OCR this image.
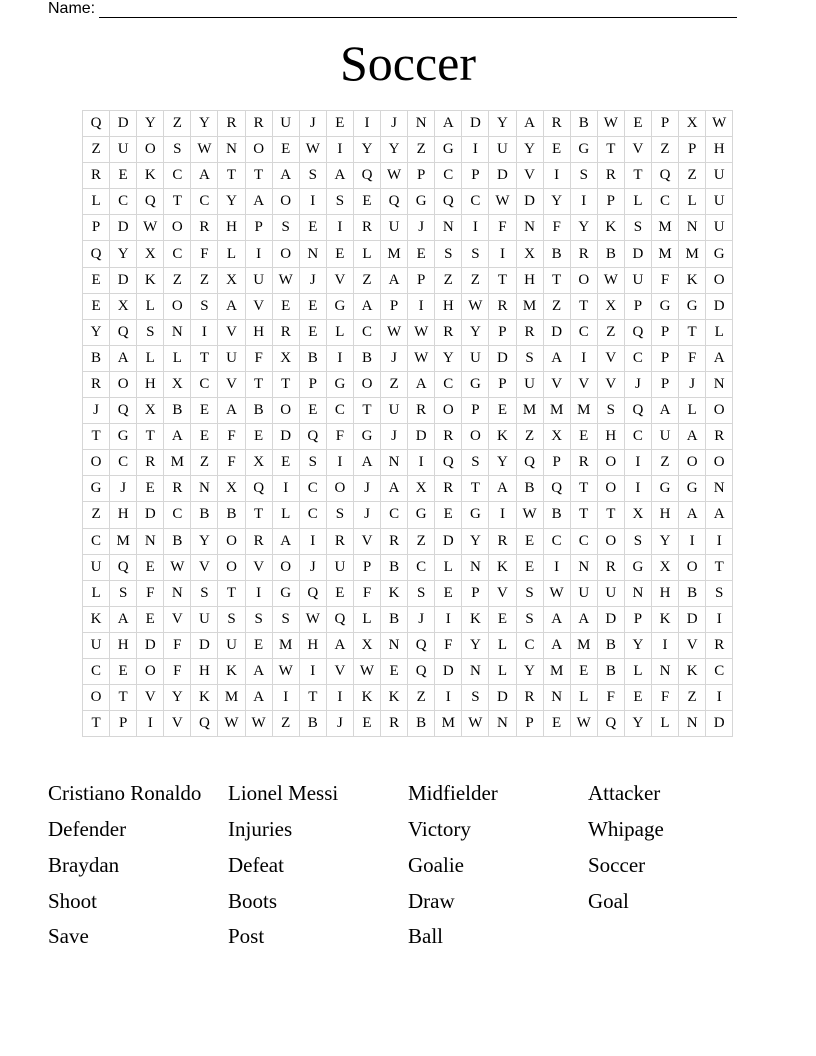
Name:
Soccer
Q	D	Y	Z	Y	R	R	U	J	E	I	J	N	A	D	Y	A	R	B	W	E	P	X	W
Z	U	O	S	W	N	O	E	W	I	Y	Y	Z	G	I	U	Y	E	G	T	V	Z	P	H
R	E	K	C	A	T	T	A	S	A	Q	W	P	C	P	D	V	I	S	R	T	Q	Z	U
L	C	Q	T	C	Y	A	O	I	S	E	Q	G	Q	C	W	D	Y	I	P	L	C	L	U
P	D	W	O	R	H	P	S	E	I	R	U	J	N	I	F	N	F	Y	K	S	M	N	U
Q	Y	X	C	F	L	I	O	N	E	L	M	E	S	S	I	X	B	R	B	D	M	M	G
E	D	K	Z	Z	X	U	W	J	V	Z	A	P	Z	Z	T	H	T	O	W	U	F	K	O
E	X	L	O	S	A	V	E	E	G	A	P	I	H	W	R	M	Z	T	X	P	G	G	D
Y	Q	S	N	I	V	H	R	E	L	C	W	W	R	Y	P	R	D	C	Z	Q	P	T	L
B	A	L	L	T	U	F	X	B	I	B	J	W	Y	U	D	S	A	I	V	C	P	F	A
R	O	H	X	C	V	T	T	P	G	O	Z	A	C	G	P	U	V	V	V	J	P	J	N
J	Q	X	B	E	A	B	O	E	C	T	U	R	O	P	E	M	M	M	S	Q	A	L	O
T	G	T	A	E	F	E	D	Q	F	G	J	D	R	O	K	Z	X	E	H	C	U	A	R
O	C	R	M	Z	F	X	E	S	I	A	N	I	Q	S	Y	Q	P	R	O	I	Z	O	O
G	J	E	R	N	X	Q	I	C	O	J	A	X	R	T	A	B	Q	T	O	I	G	G	N
Z	H	D	C	B	B	T	L	C	S	J	C	G	E	G	I	W	B	T	T	X	H	A	A
C	M	N	B	Y	O	R	A	I	R	V	R	Z	D	Y	R	E	C	C	O	S	Y	I	I
U	Q	E	W	V	O	V	O	J	U	P	B	C	L	N	K	E	I	N	R	G	X	O	T
L	S	F	N	S	T	I	G	Q	E	F	K	S	E	P	V	S	W	U	U	N	H	B	S
K	A	E	V	U	S	S	S	W	Q	L	B	J	I	K	E	S	A	A	D	P	K	D	I
U	H	D	F	D	U	E	M	H	A	X	N	Q	F	Y	L	C	A	M	B	Y	I	V	R
C	E	O	F	H	K	A	W	I	V	W	E	Q	D	N	L	Y	M	E	B	L	N	K	C
O	T	V	Y	K	M	A	I	T	I	K	K	Z	I	S	D	R	N	L	F	E	F	Z	I
T	P	I	V	Q	W	W	Z	B	J	E	R	B	M	W	N	P	E	W	Q	Y	L	N	D
Cristiano Ronaldo
Defender
Braydan
Shoot
Save
Lionel Messi
Injuries
Defeat
Boots
Post
Midfielder
Victory
Goalie
Draw
Ball
Attacker
Whipage
Soccer
Goal
